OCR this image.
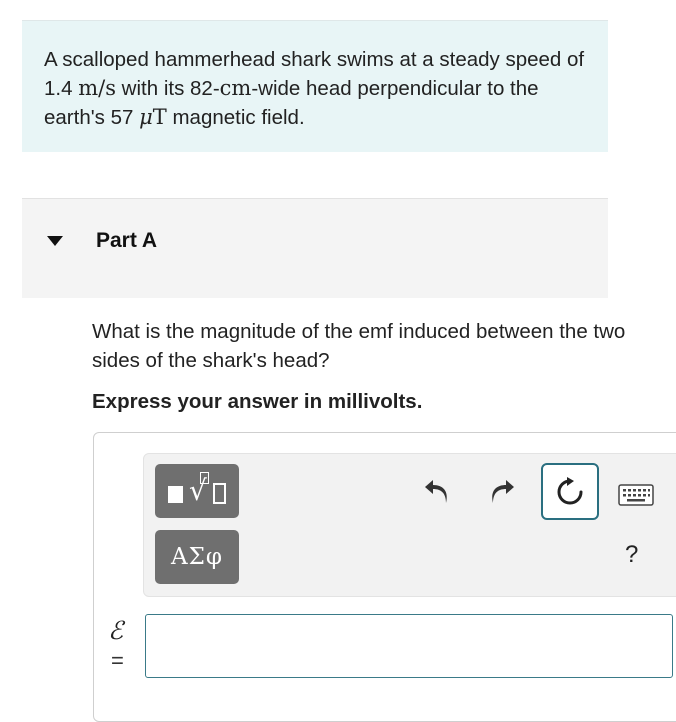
A scalloped hammerhead shark swims at a steady speed of 1.4 m/s with its 82-cm-wide head perpendicular to the earth's 57 μT magnetic field.

Part A

What is the magnitude of the emf induced between the two sides of the shark's head?

Express your answer in millivolts.

√
ΑΣφ	?
ℰ
=
